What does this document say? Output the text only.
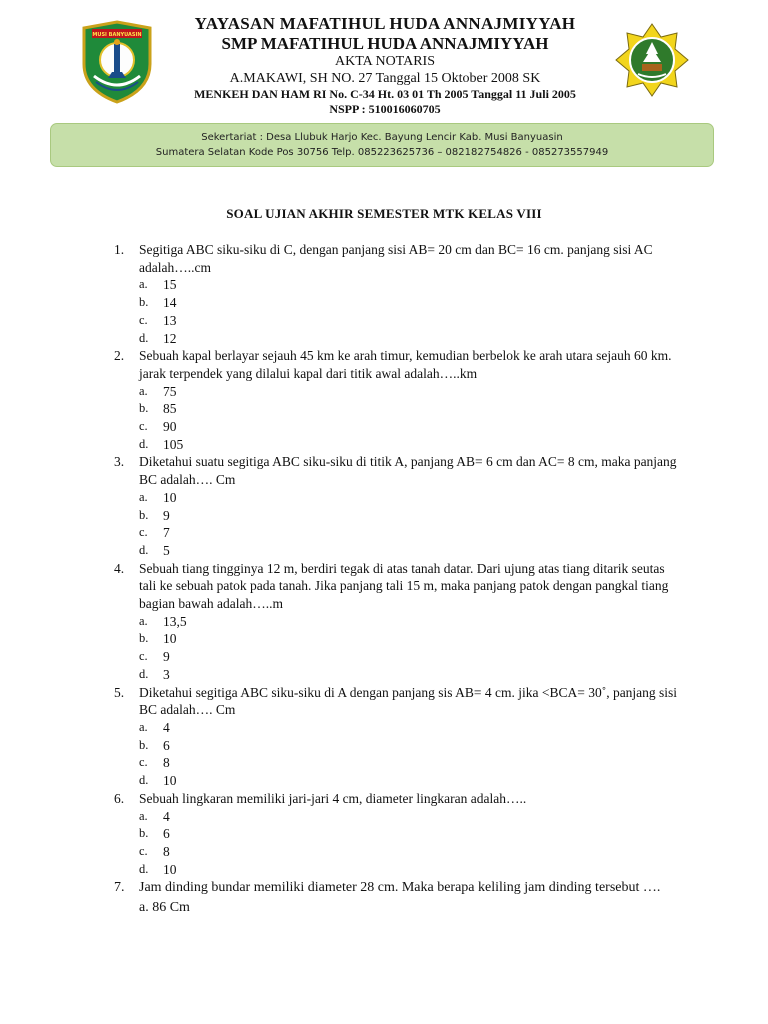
MUSI BANYUASIN
YAYASAN MAFATIHUL HUDA ANNAJMIYYAH
SMP MAFATIHUL HUDA ANNAJMIYYAH
AKTA NOTARIS
A.MAKAWI, SH NO. 27 Tanggal 15 Oktober 2008 SK
MENKEH DAN HAM RI No. C-34 Ht. 03 01 Th 2005 Tanggal 11 Juli 2005
NSPP : 510016060705
Sekertariat : Desa Llubuk Harjo Kec. Bayung Lencir Kab. Musi Banyuasin
Sumatera Selatan Kode Pos 30756 Telp. 085223625736 – 082182754826 - 085273557949
SOAL UJIAN AKHIR SEMESTER MTK KELAS VIII
1. Segitiga ABC siku-siku di C, dengan panjang sisi AB= 20 cm dan BC= 16 cm. panjang sisi AC adalah…..cm
a. 15
b. 14
c. 13
d. 12
2. Sebuah kapal berlayar sejauh 45 km ke arah timur, kemudian berbelok ke arah utara sejauh 60 km. jarak terpendek yang dilalui kapal dari titik awal adalah…..km
a. 75
b. 85
c. 90
d. 105
3. Diketahui suatu segitiga ABC siku-siku di titik A, panjang AB= 6 cm dan AC= 8 cm, maka panjang BC adalah…. Cm
a. 10
b. 9
c. 7
d. 5
4. Sebuah tiang tingginya 12 m, berdiri tegak di atas tanah datar. Dari ujung atas tiang ditarik seutas tali ke sebuah patok pada tanah. Jika panjang tali 15 m, maka panjang patok dengan pangkal tiang bagian bawah adalah…..m
a. 13,5
b. 10
c. 9
d. 3
5. Diketahui segitiga ABC siku-siku di A dengan panjang sis AB= 4 cm. jika <BCA= 30˚, panjang sisi BC adalah…. Cm
a. 4
b. 6
c. 8
d. 10
6. Sebuah lingkaran memiliki jari-jari 4 cm, diameter lingkaran adalah…..
a. 4
b. 6
c. 8
d. 10
7. Jam dinding bundar memiliki diameter 28 cm. Maka berapa keliling jam dinding tersebut ….
a. 86 Cm
